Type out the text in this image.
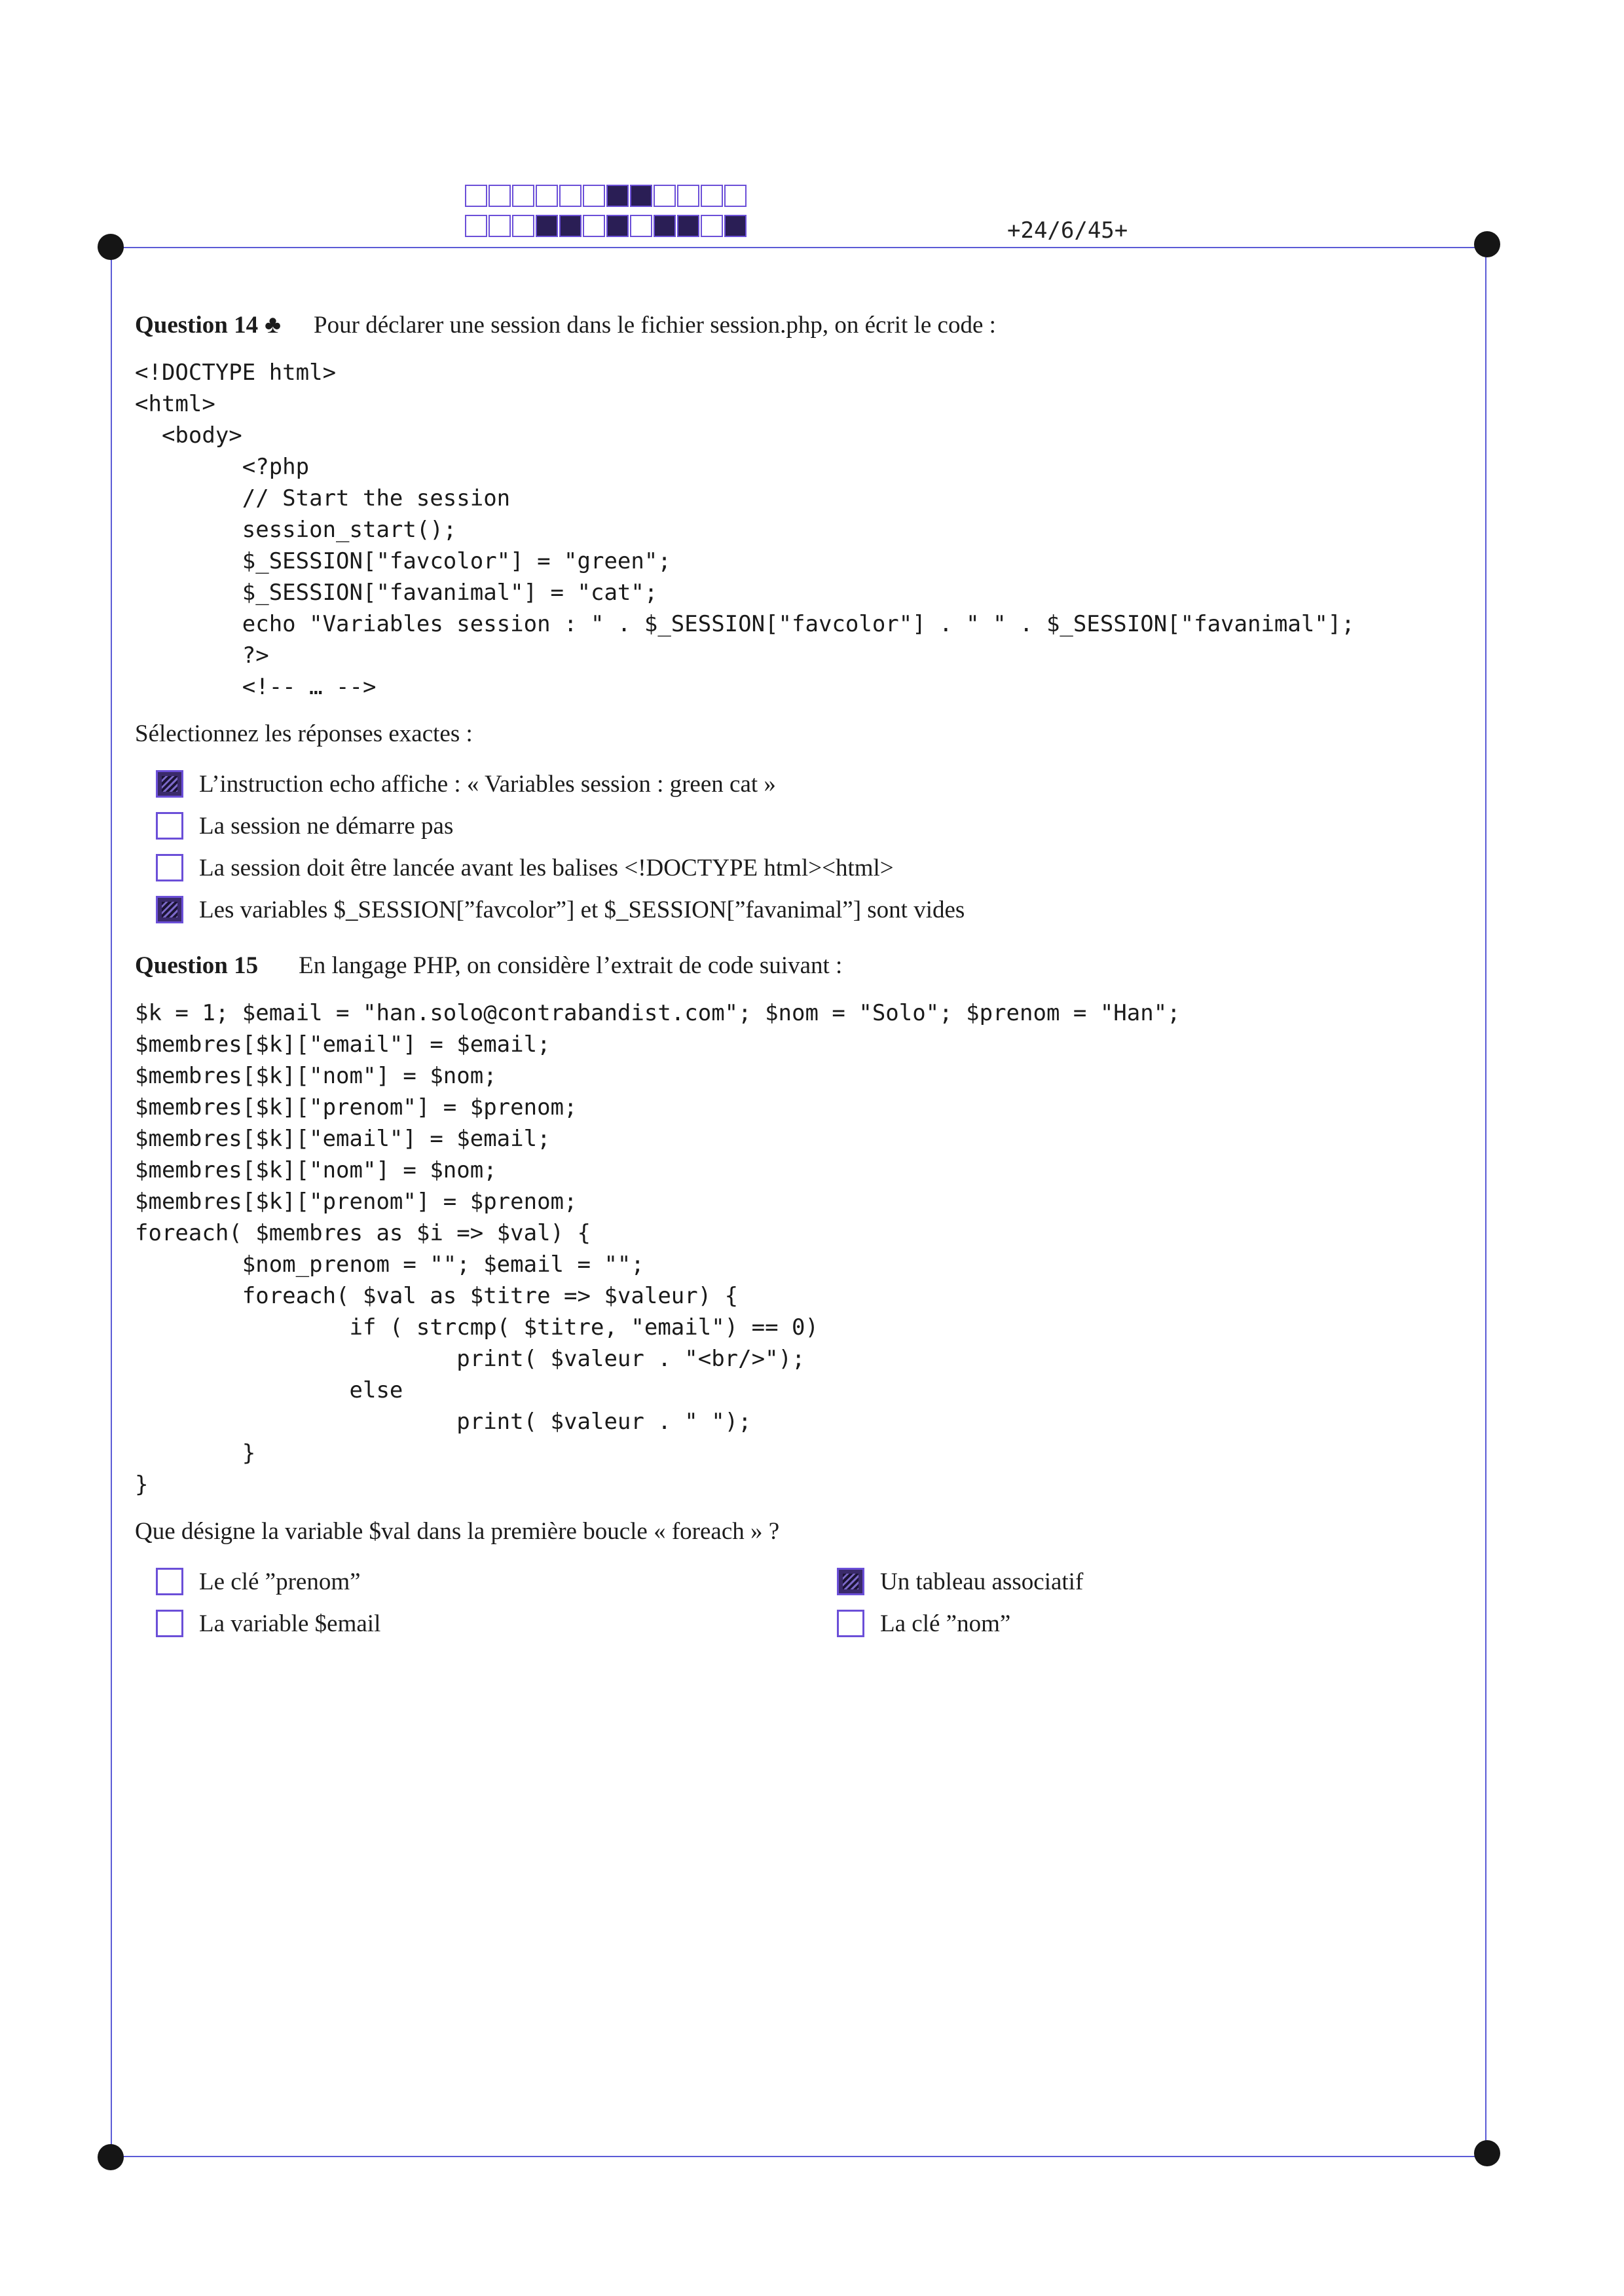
+24/6/45+
Question 14 ♣ Pour déclarer une session dans le fichier session.php, on écrit le code :
<!DOCTYPE html>
<html>
<body>
<?php
// Start the session
session_start();
$_SESSION["favcolor"] = "green";
$_SESSION["favanimal"] = "cat";
echo "Variables session : " . $_SESSION["favcolor"] . " " . $_SESSION["favanimal"];
?>
<!-- … -->
Sélectionnez les réponses exactes :
L’instruction echo affiche : « Variables session : green cat »
La session ne démarre pas
La session doit être lancée avant les balises <!DOCTYPE html><html>
Les variables $_SESSION[”favcolor”] et $_SESSION[”favanimal”] sont vides
Question 15 En langage PHP, on considère l’extrait de code suivant :
$k = 1; $email = "han.solo@contrabandist.com"; $nom = "Solo"; $prenom = "Han";
$membres[$k]["email"] = $email;
$membres[$k]["nom"] = $nom;
$membres[$k]["prenom"] = $prenom;
$membres[$k]["email"] = $email;
$membres[$k]["nom"] = $nom;
$membres[$k]["prenom"] = $prenom;
foreach( $membres as $i => $val) {
$nom_prenom = ""; $email = "";
foreach( $val as $titre => $valeur) {
if ( strcmp( $titre, "email") == 0)
print( $valeur . "<br/>");
else
print( $valeur . " ");
}
}
Que désigne la variable $val dans la première boucle « foreach » ?
Le clé ”prenom”	Un tableau associatif
La variable $email	La clé ”nom”
